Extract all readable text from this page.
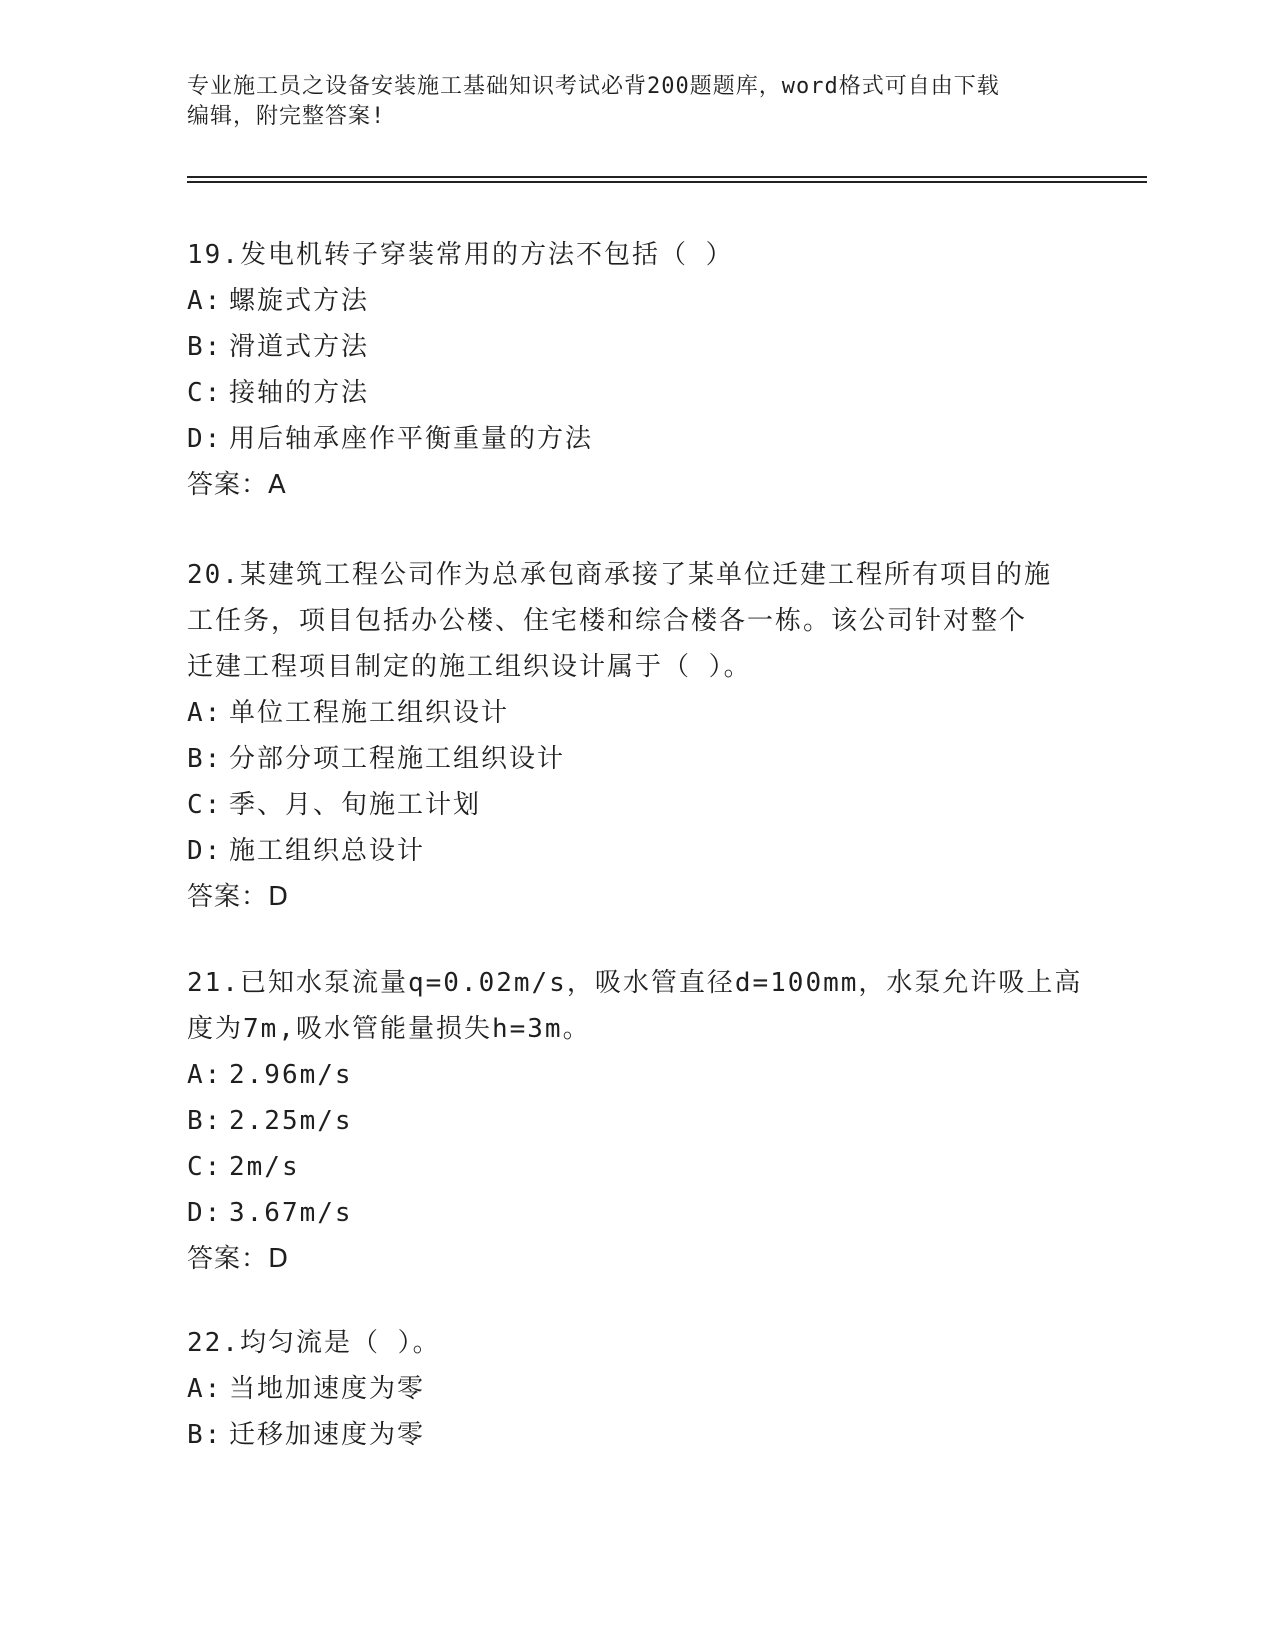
专业施工员之设备安装施工基础知识考试必背200题题库，word格式可自由下载
编辑，附完整答案!

19.发电机转子穿装常用的方法不包括（ ）

A: 螺旋式方法

B: 滑道式方法

C: 接轴的方法

D: 用后轴承座作平衡重量的方法

答案：A

20.某建筑工程公司作为总承包商承接了某单位迁建工程所有项目的施

工任务，项目包括办公楼、住宅楼和综合楼各一栋。该公司针对整个

迁建工程项目制定的施工组织设计属于（ ）。

A: 单位工程施工组织设计

B: 分部分项工程施工组织设计

C: 季、月、旬施工计划

D: 施工组织总设计

答案：D

21.已知水泵流量q=0.02m/s，吸水管直径d=100mm，水泵允许吸上高

度为7m,吸水管能量损失h=3m。

A: 2.96m/s

B: 2.25m/s

C: 2m/s

D: 3.67m/s

答案：D

22.均匀流是（ ）。

A: 当地加速度为零

B: 迁移加速度为零
